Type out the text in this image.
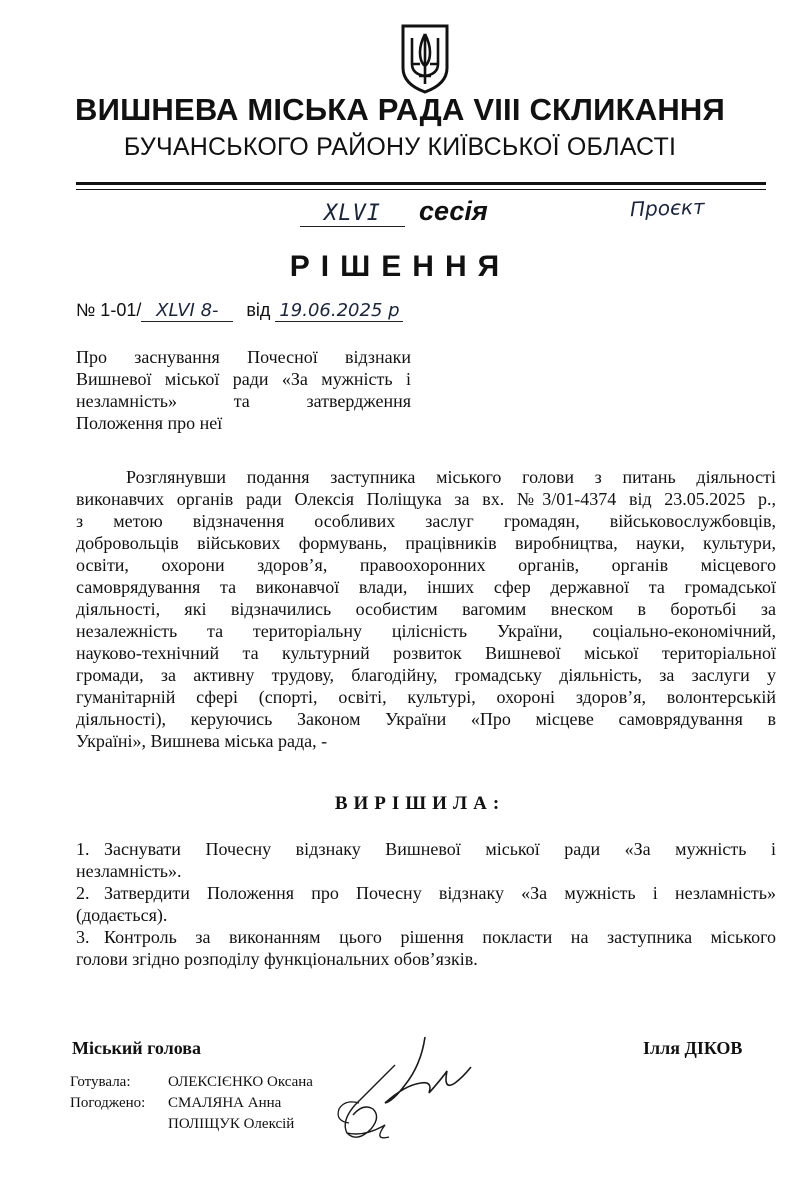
ВИШНЕВА МІСЬКА РАДА VIII СКЛИКАННЯ
БУЧАНСЬКОГО РАЙОНУ КИЇВСЬКОЇ ОБЛАСТІ
XLVI сесія	Проєкт
РІШЕННЯ
№ 1-01/ XLVI 8- від 19.06.2025 р
Про заснування Почесної відзнаки
Вишневої міської ради «За мужність і
незламність» та затвердження
Положення про неї
Розглянувши подання заступника міського голови з питань діяльності
виконавчих органів ради Олексія Поліщука за вх. №3/01-4374 від 23.05.2025 р.,
з метою відзначення особливих заслуг громадян, військовослужбовців,
добровольців військових формувань, працівників виробництва, науки, культури,
освіти, охорони здоров’я, правоохоронних органів, органів місцевого
самоврядування та виконавчої влади, інших сфер державної та громадської
діяльності, які відзначились особистим вагомим внеском в боротьбі за
незалежність та територіальну цілісність України, соціально-економічний,
науково-технічний та культурний розвиток Вишневої міської територіальної
громади, за активну трудову, благодійну, громадську діяльність, за заслуги у
гуманітарній сфері (спорті, освіті, культурі, охороні здоров’я, волонтерській
діяльності), керуючись Законом України «Про місцеве самоврядування в
Україні», Вишнева міська рада, -
ВИРІШИЛА:
1. Заснувати Почесну відзнаку Вишневої міської ради «За мужність і
незламність».
2. Затвердити Положення про Почесну відзнаку «За мужність і незламність»
(додається).
3. Контроль за виконанням цього рішення покласти на заступника міського
голови згідно розподілу функціональних обов’язків.
Міський голова	Ілля ДІКОВ
Готувала:	ОЛЕКСІЄНКО Оксана
Погоджено:	СМАЛЯНА Анна
ПОЛІЩУК Олексій
